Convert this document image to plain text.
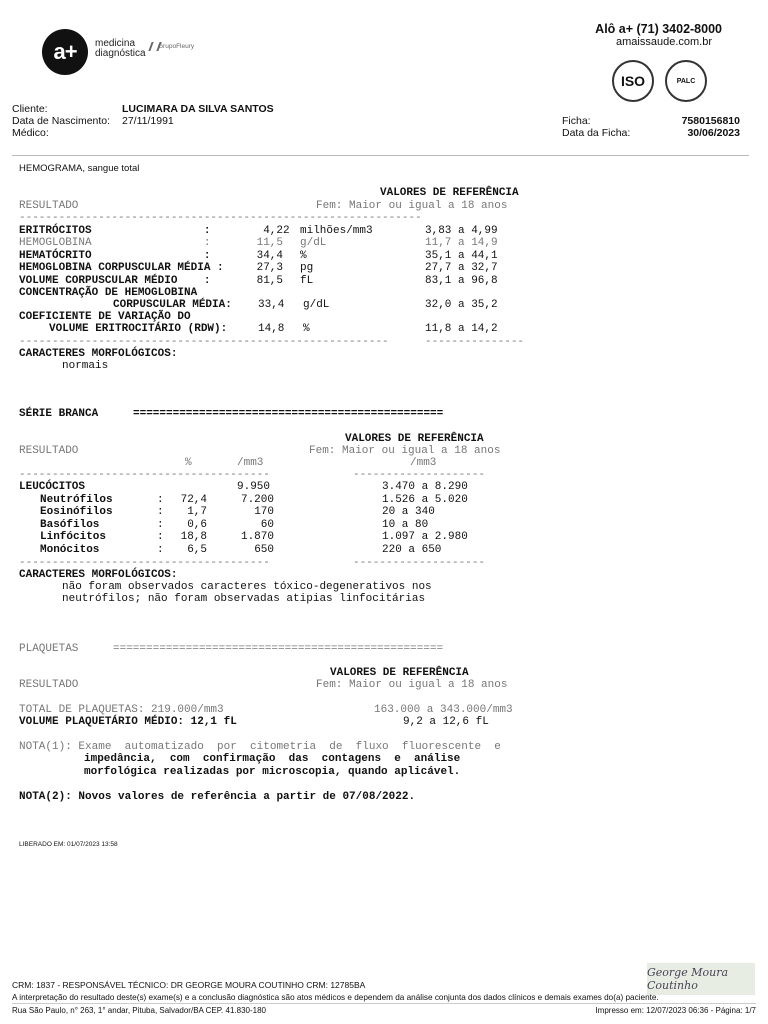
a+ medicina
diagnóstica
GrupoFleury
Alô a+ (71) 3402-8000
amaissaude.com.br
ISO	PALC
Cliente:	LUCIMARA DA SILVA SANTOS
Data de Nascimento: 27/11/1991
Médico:
Ficha:	7580156810
Data da Ficha:	30/06/2023
HEMOGRAMA, sangue total
VALORES DE REFERÊNCIA
RESULTADO	Fem: Maior ou igual a 18 anos
-------------------------------------------------------------
ERITRÓCITOS                 :	4,22 milhões/mm3	3,83 a 4,99
HEMOGLOBINA                 :	11,5 g/dL	11,7 a 14,9
HEMATÓCRITO                 :	34,4 %	35,1 a 44,1
HEMOGLOBINA CORPUSCULAR MÉDIA : 27,3 pg	27,7 a 32,7
VOLUME CORPUSCULAR MÉDIO    :	81,5 fL	83,1 a 96,8
CONCENTRAÇÃO DE HEMOGLOBINA
CORPUSCULAR MÉDIA: 33,4 g/dL	32,0 a 35,2
COEFICIENTE DE VARIAÇÃO DO
VOLUME ERITROCITÁRIO (RDW):	14,8 %	11,8 a 14,2
--------------------------------------------------------	---------------
CARACTERES MORFOLÓGICOS:
normais
SÉRIE BRANCA	===============================================
VALORES DE REFERÊNCIA
RESULTADO	Fem: Maior ou igual a 18 anos
%	/mm3	/mm3
--------------------------------------	--------------------
LEUCÓCITOS	9.950	3.470 a 8.290
:
Neutrófilos	72,4	7.200	1.526 a 5.020
:
Eosinófilos	1,7	170	20 a 340
:
Basófilos	0,6	60	10 a 80
:
Linfócitos	18,8	1.870	1.097 a 2.980
:
Monócitos	6,5	650	220 a 650
--------------------------------------	--------------------
CARACTERES MORFOLÓGICOS:
não foram observados caracteres tóxico-degenerativos nos
neutrófilos; não foram observadas atipias linfocitárias
PLAQUETAS	==================================================
VALORES DE REFERÊNCIA
RESULTADO	Fem: Maior ou igual a 18 anos
TOTAL DE PLAQUETAS: 219.000/mm3	163.000 a 343.000/mm3
VOLUME PLAQUETÁRIO MÉDIO: 12,1 fL	9,2 a 12,6 fL
NOTA(1): Exame  automatizado  por  citometria  de  fluxo  fluorescente  e
impedância,  com  confirmação  das  contagens  e  análise
morfológica realizadas por microscopia, quando aplicável.
NOTA(2): Novos valores de referência a partir de 07/08/2022.
LIBERADO EM: 01/07/2023 13:58
George Moura Coutinho
CRM: 1837 - RESPONSÁVEL TÉCNICO: DR GEORGE MOURA COUTINHO CRM: 12785BA
A interpretação do resultado deste(s) exame(s) e a conclusão diagnóstica são atos médicos e dependem da análise conjunta dos dados clínicos e demais exames do(a) paciente.
Rua São Paulo, n° 263, 1° andar, Pituba, Salvador/BA CEP. 41.830-180	Impresso em: 12/07/2023 06:36 - Página: 1/7
